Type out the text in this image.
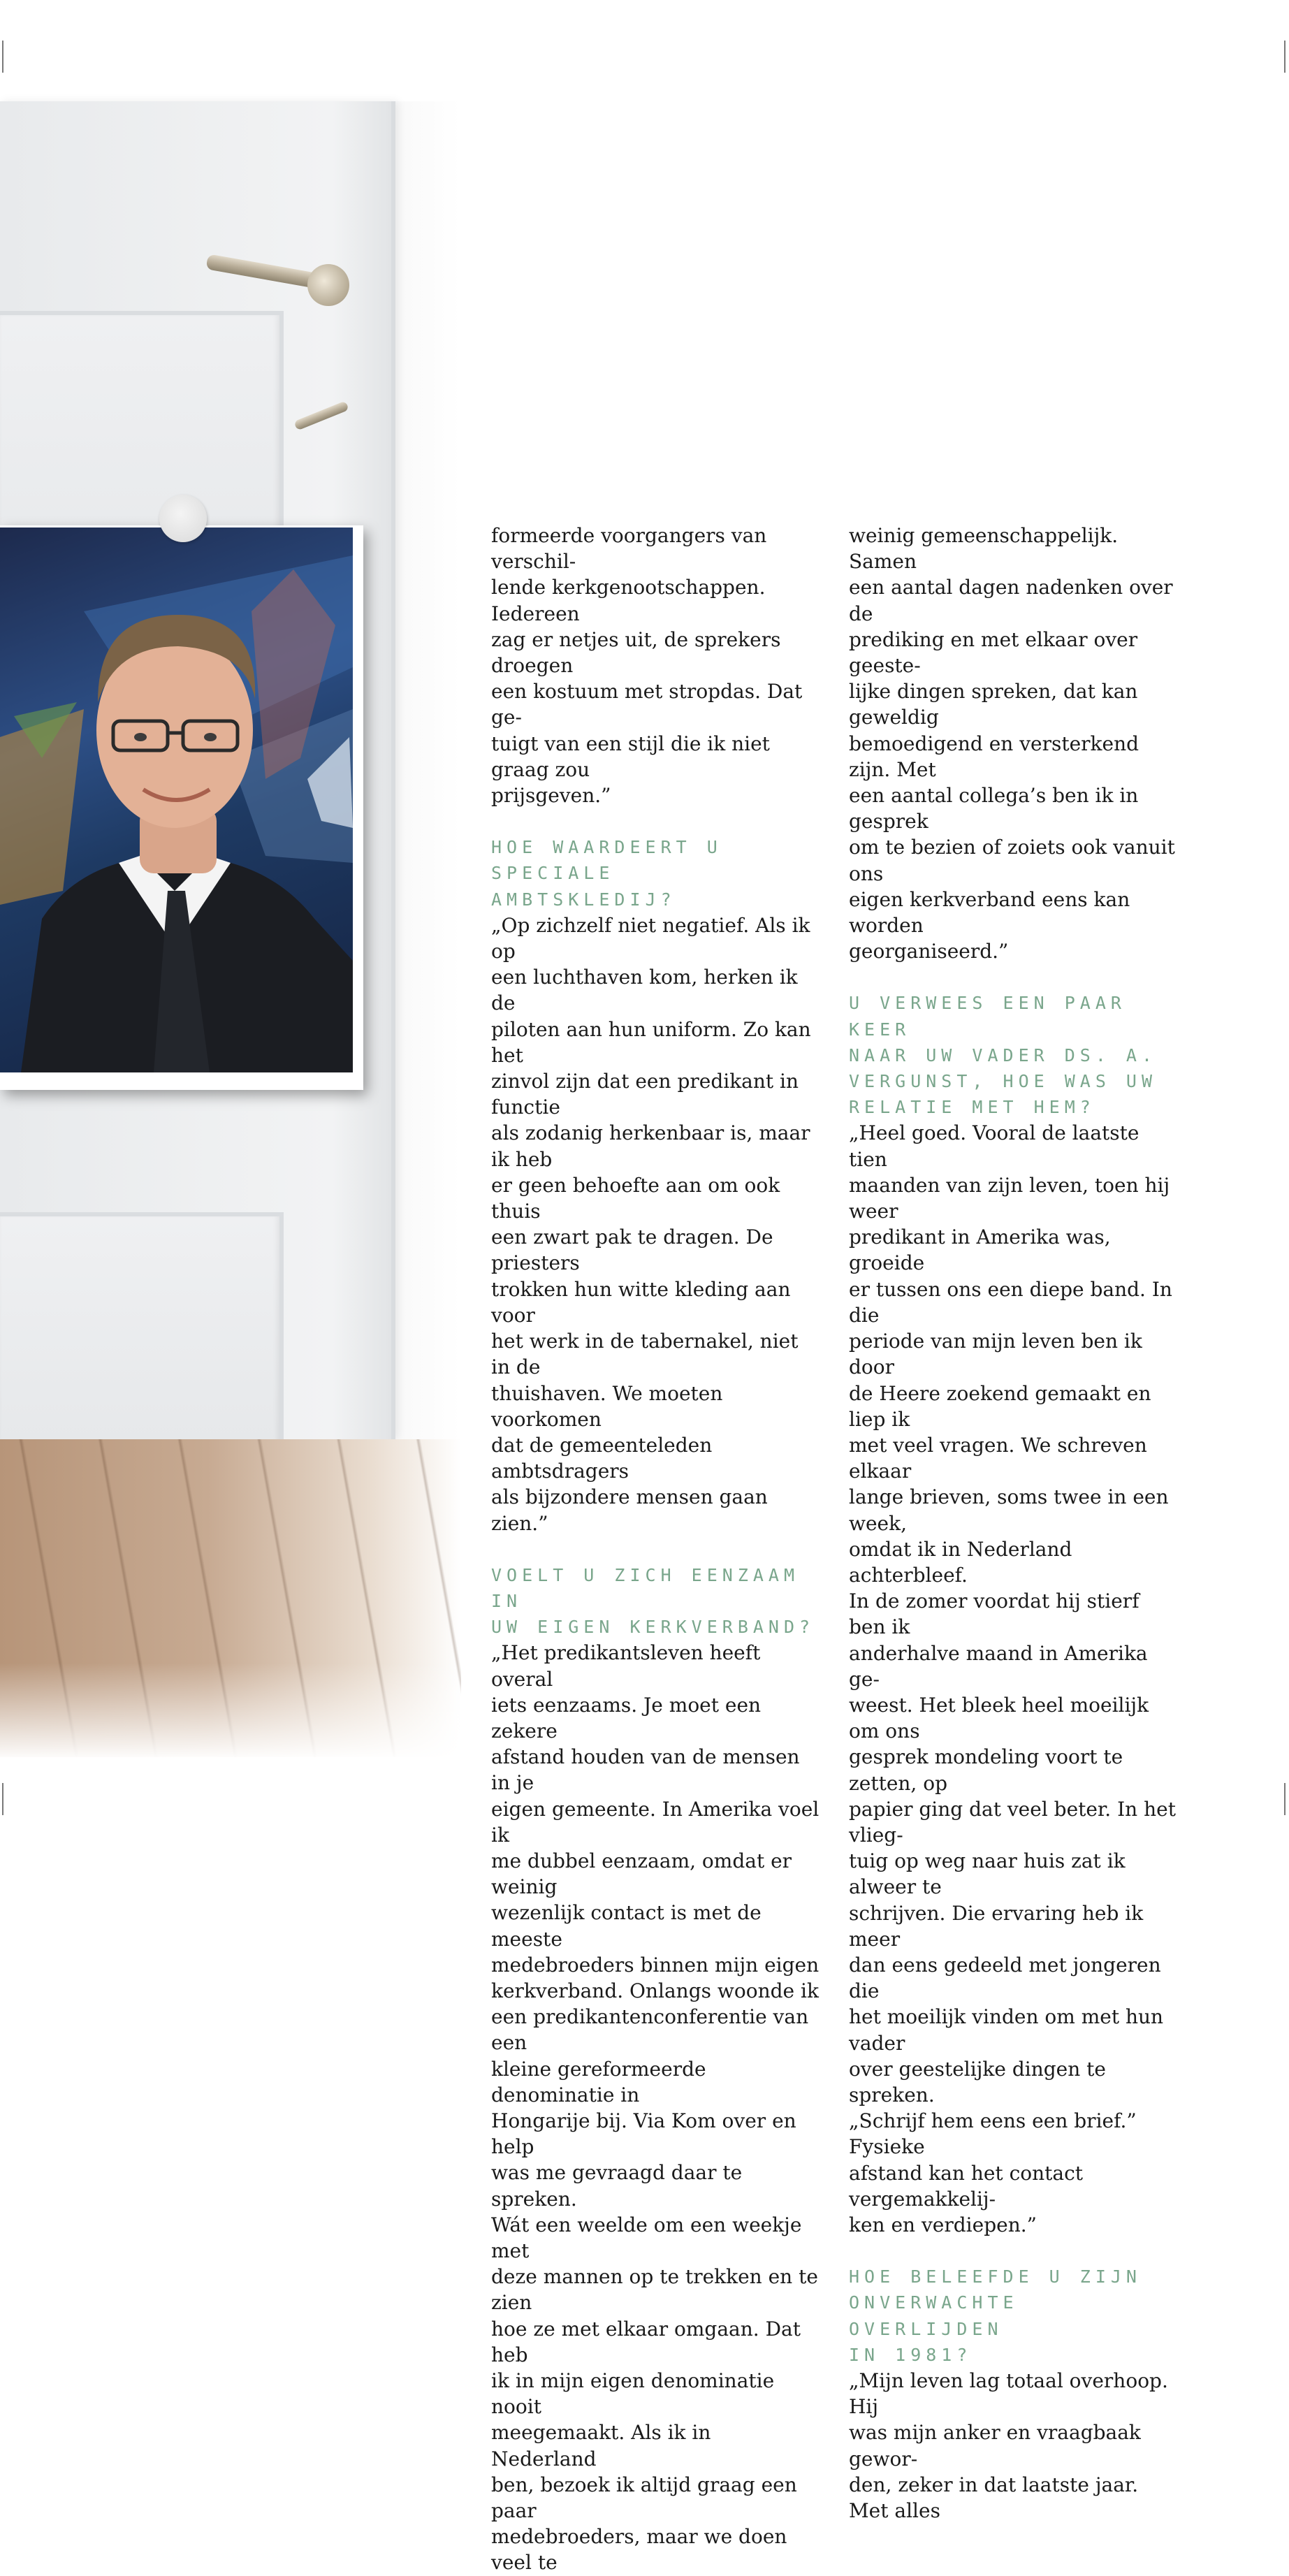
formeerde voorgangers van verschil-
lende kerkgenootschappen. Iedereen
zag er netjes uit, de sprekers droegen
een kostuum met stropdas. Dat ge-
tuigt van een stijl die ik niet graag zou
prijsgeven.”

HOE WAARDEERT U SPECIALE
AMBTSKLEDIJ?

„Op zichzelf niet negatief. Als ik op
een luchthaven kom, herken ik de
piloten aan hun uniform. Zo kan het
zinvol zijn dat een predikant in functie
als zodanig herkenbaar is, maar ik heb
er geen behoefte aan om ook thuis
een zwart pak te dragen. De priesters
trokken hun witte kleding aan voor
het werk in de tabernakel, niet in de
thuishaven. We moeten voorkomen
dat de gemeenteleden ambtsdragers
als bijzondere mensen gaan zien.”

VOELT U ZICH EENZAAM IN
UW EIGEN KERKVERBAND?

„Het predikantsleven heeft overal
iets eenzaams. Je moet een zekere
afstand houden van de mensen in je
eigen gemeente. In Amerika voel ik
me dubbel eenzaam, omdat er weinig
wezenlijk contact is met de meeste
medebroeders binnen mijn eigen
kerkverband. Onlangs woonde ik
een predikantenconferentie van een
kleine gereformeerde denominatie in
Hongarije bij. Via Kom over en help
was me gevraagd daar te spreken.
Wát een weelde om een weekje met
deze mannen op te trekken en te zien
hoe ze met elkaar omgaan. Dat heb
ik in mijn eigen denominatie nooit
meegemaakt. Als ik in Nederland
ben, bezoek ik altijd graag een paar
medebroeders, maar we doen veel te

weinig gemeenschappelijk. Samen
een aantal dagen nadenken over de
prediking en met elkaar over geeste-
lijke dingen spreken, dat kan geweldig
bemoedigend en versterkend zijn. Met
een aantal collega’s ben ik in gesprek
om te bezien of zoiets ook vanuit ons
eigen kerkverband eens kan worden
georganiseerd.”

U VERWEES EEN PAAR KEER
NAAR UW VADER DS. A.
VERGUNST, HOE WAS UW
RELATIE MET HEM?

„Heel goed. Vooral de laatste tien
maanden van zijn leven, toen hij weer
predikant in Amerika was, groeide
er tussen ons een diepe band. In die
periode van mijn leven ben ik door
de Heere zoekend gemaakt en liep ik
met veel vragen. We schreven elkaar
lange brieven, soms twee in een week,
omdat ik in Nederland achterbleef.
In de zomer voordat hij stierf ben ik
anderhalve maand in Amerika ge-
weest. Het bleek heel moeilijk om ons
gesprek mondeling voort te zetten, op
papier ging dat veel beter. In het vlieg-
tuig op weg naar huis zat ik alweer te
schrijven. Die ervaring heb ik meer
dan eens gedeeld met jongeren die
het moeilijk vinden om met hun vader
over geestelijke dingen te spreken.
„Schrijf hem eens een brief.” Fysieke
afstand kan het contact vergemakkelij-
ken en verdiepen.”

HOE BELEEFDE U ZIJN
ONVERWACHTE OVERLIJDEN
IN 1981?

„Mijn leven lag totaal overhoop. Hij
was mijn anker en vraagbaak gewor-
den, zeker in dat laatste jaar. Met alles
